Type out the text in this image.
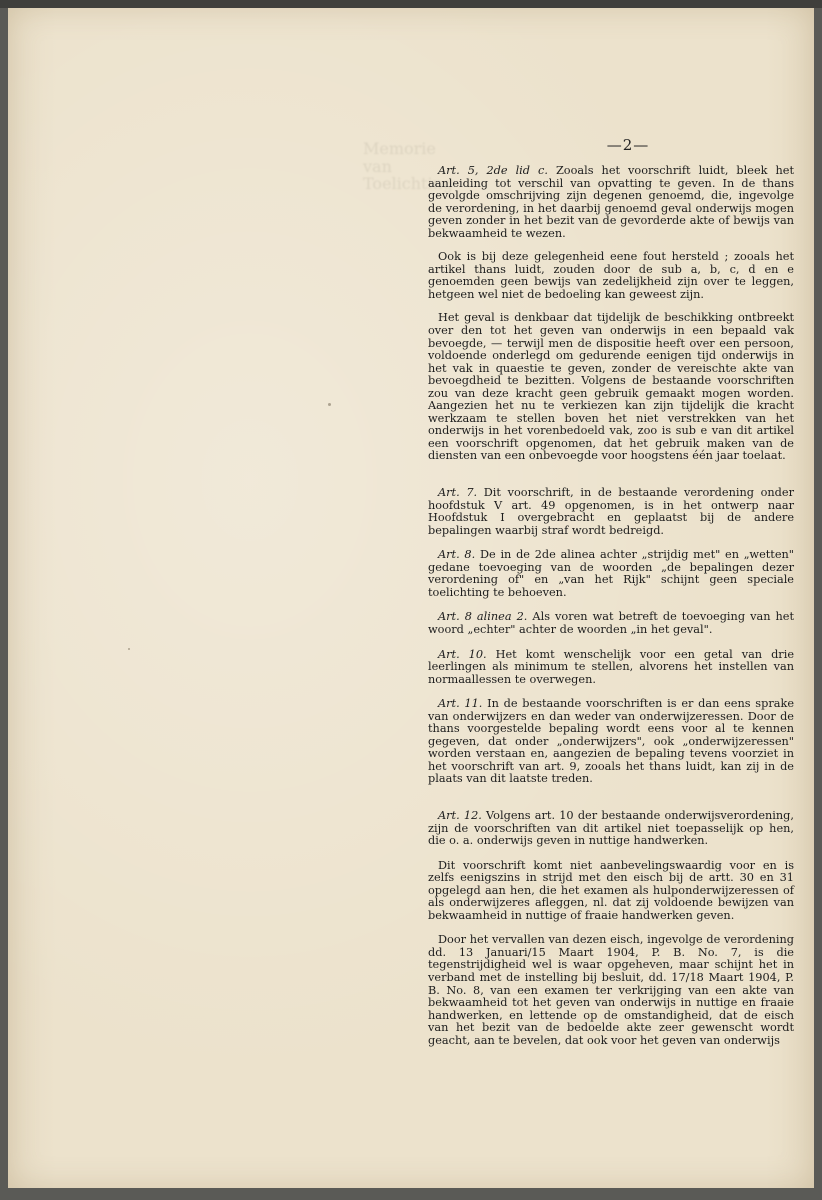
Memorie van Toelichting
—2—

Art. 5, 2de lid c. Zooals het voorschrift luidt, bleek het aanleiding tot verschil van opvatting te geven. In de thans gevolgde omschrijving zijn degenen genoemd, die, ingevolge de verordening, in het daarbij genoemd geval onderwijs mogen geven zonder in het bezit van de gevorderde akte of bewijs van bekwaamheid te wezen.

Ook is bij deze gelegenheid eene fout hersteld ; zooals het artikel thans luidt, zouden door de sub a, b, c, d en e genoemden geen bewijs van zedelijkheid zijn over te leggen, hetgeen wel niet de bedoeling kan geweest zijn.

Het geval is denkbaar dat tijdelijk de beschikking ontbreekt over den tot het geven van onderwijs in een bepaald vak bevoegde, — terwijl men de dispositie heeft over een persoon, voldoende onderlegd om gedurende eenigen tijd onderwijs in het vak in quaestie te geven, zonder de vereischte akte van bevoegdheid te bezitten. Volgens de bestaande voorschriften zou van deze kracht geen gebruik gemaakt mogen worden. Aangezien het nu te verkiezen kan zijn tijdelijk die kracht werkzaam te stellen boven het niet verstrekken van het onderwijs in het vorenbedoeld vak, zoo is sub e van dit artikel een voorschrift opgenomen, dat het gebruik maken van de diensten van een onbevoegde voor hoogstens één jaar toelaat.

Art. 7. Dit voorschrift, in de bestaande verordening onder hoofdstuk V art. 49 opgenomen, is in het ontwerp naar Hoofdstuk I overgebracht en geplaatst bij de andere bepalingen waarbij straf wordt bedreigd.

Art. 8. De in de 2de alinea achter „strijdig met" en „wetten" gedane toevoeging van de woorden „de bepalingen dezer verordening of" en „van het Rijk" schijnt geen speciale toelichting te behoeven.

Art. 8 alinea 2. Als voren wat betreft de toevoeging van het woord „echter" achter de woorden „in het geval".

Art. 10. Het komt wenschelijk voor een getal van drie leerlingen als minimum te stellen, alvorens het instellen van normaallessen te overwegen.

Art. 11. In de bestaande voorschriften is er dan eens sprake van onderwijzers en dan weder van onderwijzeressen. Door de thans voorgestelde bepaling wordt eens voor al te kennen gegeven, dat onder „onderwijzers", ook „onderwijzeressen" worden verstaan en, aangezien de bepaling tevens voorziet in het voorschrift van art. 9, zooals het thans luidt, kan zij in de plaats van dit laatste treden.

Art. 12. Volgens art. 10 der bestaande onderwijsverordening, zijn de voorschriften van dit artikel niet toepasselijk op hen, die o. a. onderwijs geven in nuttige handwerken.

Dit voorschrift komt niet aanbevelingswaardig voor en is zelfs eenigszins in strijd met den eisch bij de artt. 30 en 31 opgelegd aan hen, die het examen als hulponderwijzeressen of als onderwijzeres afleggen, nl. dat zij voldoende bewijzen van bekwaamheid in nuttige of fraaie handwerken geven.

Door het vervallen van dezen eisch, ingevolge de verordening dd. 13 Januari/15 Maart 1904, P. B. No. 7, is die tegenstrijdigheid wel is waar opgeheven, maar schijnt het in verband met de instelling bij besluit, dd. 17/18 Maart 1904, P. B. No. 8, van een examen ter verkrijging van een akte van bekwaamheid tot het geven van onderwijs in nuttige en fraaie handwerken, en lettende op de omstandigheid, dat de eisch van het bezit van de bedoelde akte zeer gewenscht wordt geacht, aan te bevelen, dat ook voor het geven van onderwijs
